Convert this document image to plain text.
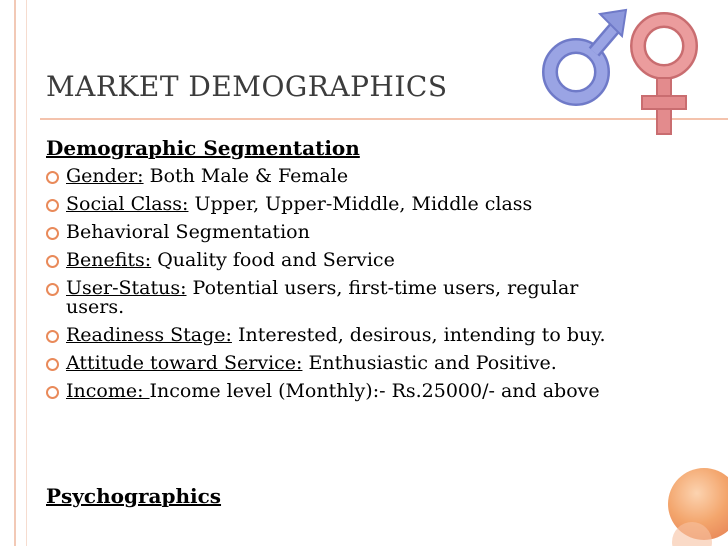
MARKET DEMOGRAPHICS
Demographic Segmentation
Gender: Both Male & Female
Social Class: Upper, Upper-Middle, Middle class
Behavioral Segmentation
Benefits: Quality food and Service
User-Status: Potential users, first-time users, regular users.
Readiness Stage: Interested, desirous, intending to buy.
Attitude toward Service: Enthusiastic and Positive.
Income: Income level (Monthly):- Rs.25000/- and above
Psychographics
